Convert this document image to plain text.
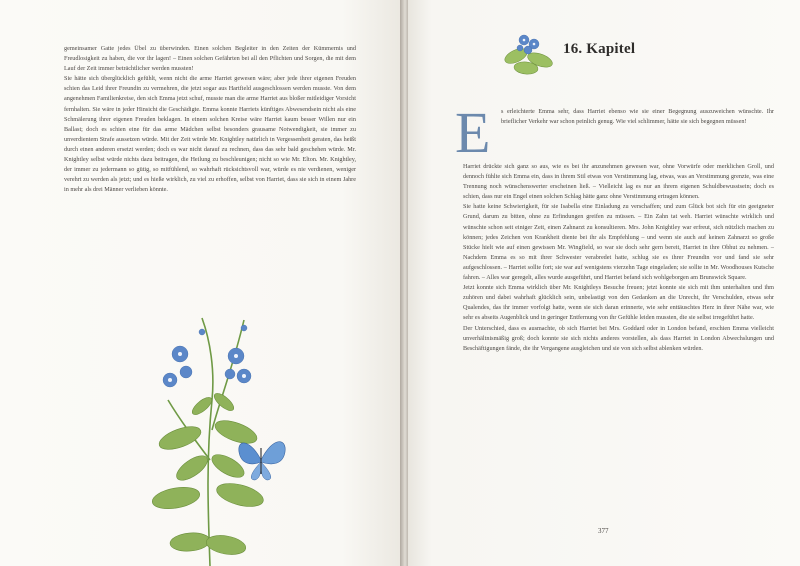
gemeinsamer Gatte jedes Übel zu überwinden. Einen solchen Begleiter in den Zeiten der Kümmernis und Freudlosigkeit zu haben, die vor ihr lagen! – Einen solchen Gefährten bei all den Pflichten und Sorgen, die mit dem Lauf der Zeit immer beträchtlicher werden mussten!

Sie hätte sich überglücklich gefühlt, wenn nicht die arme Harriet gewesen wäre; aber jede ihrer eigenen Freuden schien das Leid ihrer Freundin zu vermehren, die jetzt sogar aus Hartfield ausgeschlossen werden musste. Von dem angenehmen Familienkreise, den sich Emma jetzt schuf, musste man die arme Harriet aus bloßer mitleidiger Vorsicht fernhalten. Sie wäre in jeder Hinsicht die Geschädigte. Emma konnte Harriets künftiges Abwesendsein nicht als eine Schmälerung ihrer eigenen Freuden beklagen. In einem solchen Kreise wäre Harriet kaum besser Willen nur ein Ballast; doch es schien eine für das arme Mädchen selbst besonders grausame Notwendigkeit, sie immer zu unverdientem Strafe aussetzen würde. Mit der Zeit würde Mr. Knightley natürlich in Vergessenheit geraten, das heißt durch einen anderen ersetzt werden; doch es war nicht darauf zu rechnen, dass das sehr bald geschehen würde. Mr. Knightley selbst würde nichts dazu beitragen, die Heilung zu beschleunigen; nicht so wie Mr. Elton. Mr. Knightley, der immer zu jedermann so gütig, so mitfühlend, so wahrhaft rücksichtsvoll war, würde es nie verdienen, weniger verehrt zu werden als jetzt; und es hieße wirklich, zu viel zu erhoffen, selbst von Harriet, dass sie sich in einem Jahre in mehr als drei Männer verlieben könnte.

16. Kapitel
E s erleichterte Emma sehr, dass Harriet ebenso wie sie einer Begegnung auszuweichen wünschte. Ihr brieflicher Verkehr war schon peinlich genug. Wie viel schlimmer, hätte sie sich begegnen müssen!

Harriet drückte sich ganz so aus, wie es bei ihr anzunehmen gewesen war, ohne Vorwürfe oder merklichen Groll, und dennoch fühlte sich Emma ein, dass in ihrem Stil etwas von Verstimmung lag, etwas, was an Verstimmung grenzte, was eine Trennung noch wünschenswerter erscheinen ließ. – Vielleicht lag es nur an ihrem eigenen Schuldbewusstsein; doch es schien, dass nur ein Engel einen solchen Schlag hätte ganz ohne Verstimmung ertragen können.

Sie hatte keine Schwierigkeit, für sie Isabella eine Einladung zu verschaffen; und zum Glück bot sich für ein geeigneter Grund, darum zu bitten, ohne zu Erfindungen greifen zu müssen. – Ein Zahn tat weh. Harriet wünschte wirklich und wünschte schon seit einiger Zeit, einen Zahnarzt zu konsultieren. Mrs. John Knightley war erfreut, sich nützlich machen zu können; jedes Zeichen von Krankheit diente bei ihr als Empfehlung – und wenn sie auch auf keinen Zahnarzt so große Stücke hielt wie auf einen gewissen Mr. Wingfield, so war sie doch sehr gern bereit, Harriet in ihre Obhut zu nehmen. – Nachdem Emma es so mit ihrer Schwester verabredet hatte, schlug sie es ihrer Freundin vor und fand sie sehr aufgeschlossen. – Harriet sollte fort; sie war auf wenigstens vierzehn Tage eingeladen; sie sollte in Mr. Woodhouses Kutsche fahren. – Alles war geregelt, alles wurde ausgeführt, und Harriet befand sich wohlgeborgen am Brunswick Square.

Jetzt konnte sich Emma wirklich über Mr. Knightleys Besuche freuen; jetzt konnte sie sich mit ihm unterhalten und ihm zuhören und dabei wahrhaft glücklich sein, unbelastigt von den Gedanken an die Unrecht, ihr Verschulden, etwas sehr Qualendes, das ihr immer vorfolgt hatte, wenn sie sich daran erinnerte, wie sehr enttäuschtes Herz in ihrer Nähe war, wie sehr es abseits Augenblick und in geringer Entfernung von ihr Gefühle leiden mussten, die sie selbst irregeführt hatte.

Der Unterschied, dass es ausmachte, ob sich Harriet bei Mrs. Goddard oder in London befand, erschien Emma vielleicht unverhältnismäßig groß; doch konnte sie sich nichts anderes vorstellen, als dass Harriet in London Abwechslungen und Beschäftigungen fände, die ihr Vergangene ausgleichen und sie von sich selbst ablenken würden.

377
